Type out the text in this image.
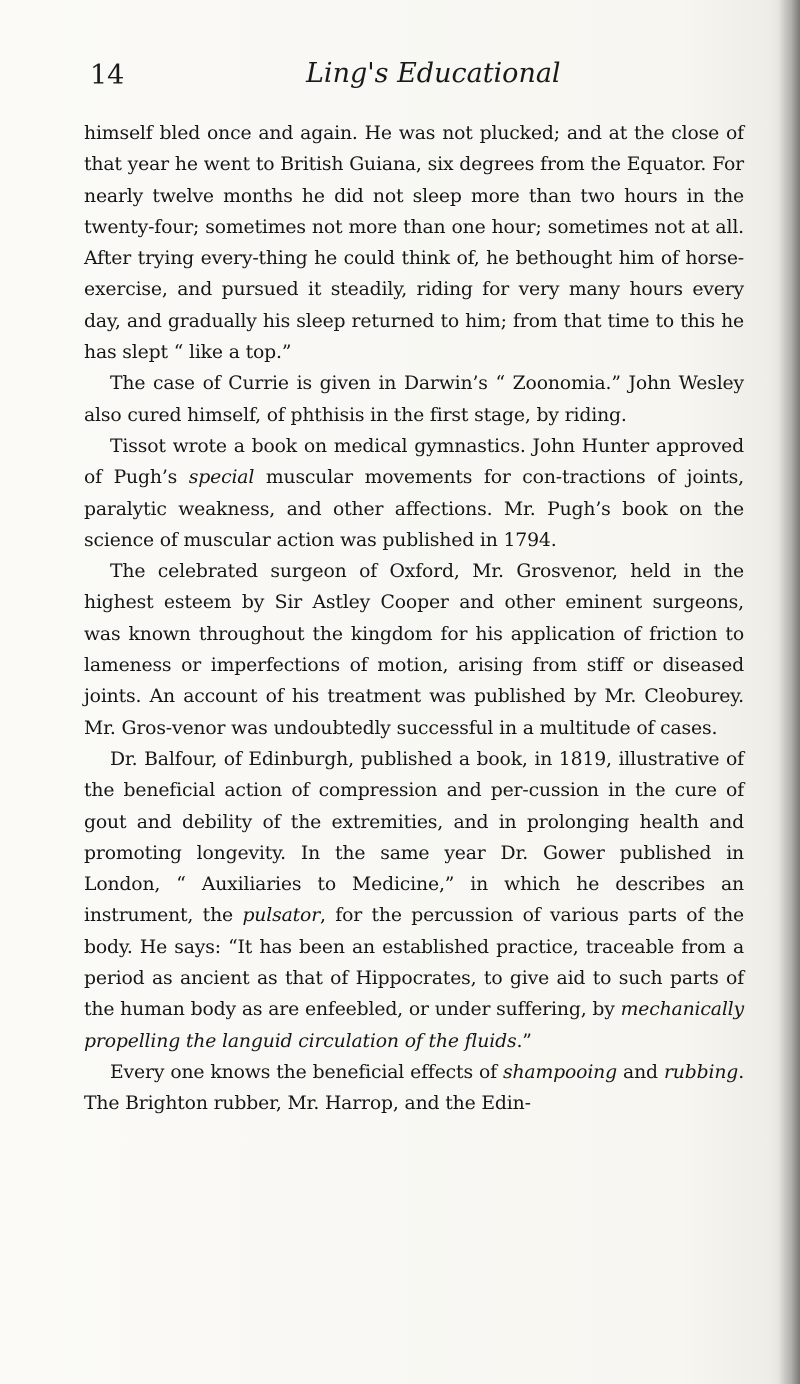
14	Ling's Educational

himself bled once and again. He was not plucked; and at the close of that year he went to British Guiana, six degrees from the Equator. For nearly twelve months he did not sleep more than two hours in the twenty-four; sometimes not more than one hour; sometimes not at all. After trying every-thing he could think of, he bethought him of horse-exercise, and pursued it steadily, riding for very many hours every day, and gradually his sleep returned to him; from that time to this he has slept “ like a top.”

The case of Currie is given in Darwin’s “ Zoonomia.” John Wesley also cured himself, of phthisis in the first stage, by riding.

Tissot wrote a book on medical gymnastics. John Hunter approved of Pugh’s special muscular movements for con-tractions of joints, paralytic weakness, and other affections. Mr. Pugh’s book on the science of muscular action was published in 1794.

The celebrated surgeon of Oxford, Mr. Grosvenor, held in the highest esteem by Sir Astley Cooper and other eminent surgeons, was known throughout the kingdom for his application of friction to lameness or imperfections of motion, arising from stiff or diseased joints. An account of his treatment was published by Mr. Cleoburey. Mr. Gros-venor was undoubtedly successful in a multitude of cases.

Dr. Balfour, of Edinburgh, published a book, in 1819, illustrative of the beneficial action of compression and per-cussion in the cure of gout and debility of the extremities, and in prolonging health and promoting longevity. In the same year Dr. Gower published in London, “ Auxiliaries to Medicine,” in which he describes an instrument, the pulsator, for the percussion of various parts of the body. He says: “It has been an established practice, traceable from a period as ancient as that of Hippocrates, to give aid to such parts of the human body as are enfeebled, or under suffering, by mechanically propelling the languid circulation of the fluids.”

Every one knows the beneficial effects of shampooing and rubbing. The Brighton rubber, Mr. Harrop, and the Edin-
